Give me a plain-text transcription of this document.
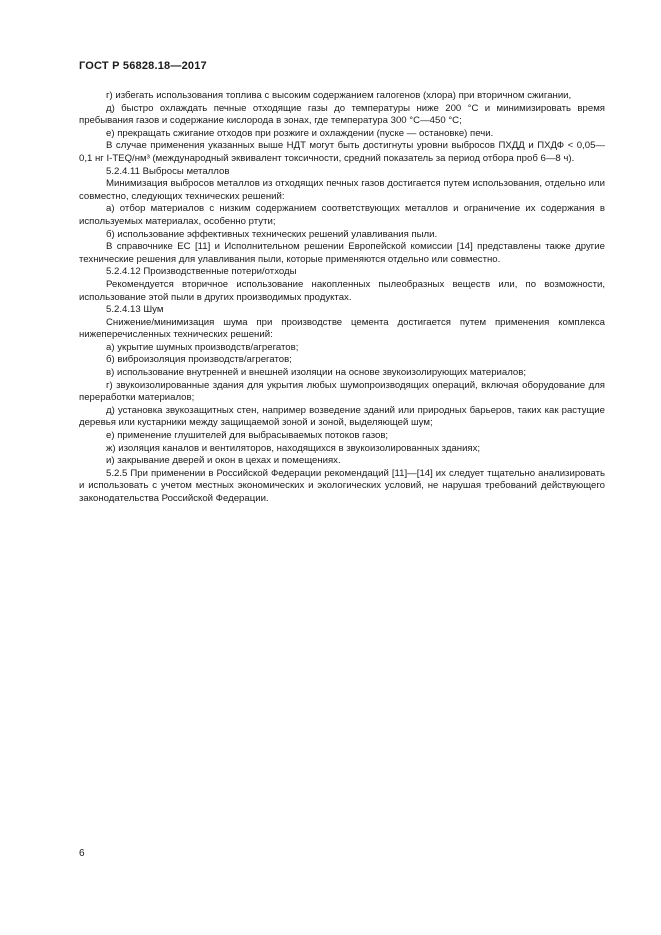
ГОСТ Р 56828.18—2017

г) избегать использования топлива с высоким содержанием галогенов (хлора) при вторичном сжигании,

д) быстро охлаждать печные отходящие газы до температуры ниже 200 °С и минимизировать время пребывания газов и содержание кислорода в зонах, где температура 300 °С—450 °С;

е) прекращать сжигание отходов при розжиге и охлаждении (пуске — остановке) печи.

В случае применения указанных выше НДТ могут быть достигнуты уровни выбросов ПХДД и ПХДФ < 0,05—0,1 нг I-TEQ/нм³ (международный эквивалент токсичности, средний показатель за период отбора проб 6—8 ч).

5.2.4.11 Выбросы металлов

Минимизация выбросов металлов из отходящих печных газов достигается путем использования, отдельно или совместно, следующих технических решений:

а) отбор материалов с низким содержанием соответствующих металлов и ограничение их содержания в используемых материалах, особенно ртути;

б) использование эффективных технических решений улавливания пыли.

В справочнике ЕС [11] и Исполнительном решении Европейской комиссии [14] представлены также другие технические решения для улавливания пыли, которые применяются отдельно или совместно.

5.2.4.12 Производственные потери/отходы

Рекомендуется вторичное использование накопленных пылеобразных веществ или, по возможности, использование этой пыли в других производимых продуктах.

5.2.4.13 Шум

Снижение/минимизация шума при производстве цемента достигается путем применения комплекса нижеперечисленных технических решений:

а) укрытие шумных производств/агрегатов;

б) виброизоляция производств/агрегатов;

в) использование внутренней и внешней изоляции на основе звукоизолирующих материалов;

г) звукоизолированные здания для укрытия любых шумопроизводящих операций, включая оборудование для переработки материалов;

д) установка звукозащитных стен, например возведение зданий или природных барьеров, таких как растущие деревья или кустарники между защищаемой зоной и зоной, выделяющей шум;

е) применение глушителей для выбрасываемых потоков газов;

ж) изоляция каналов и вентиляторов, находящихся в звукоизолированных зданиях;

и) закрывание дверей и окон в цехах и помещениях.

5.2.5 При применении в Российской Федерации рекомендаций [11]—[14] их следует тщательно анализировать и использовать с учетом местных экономических и экологических условий, не нарушая требований действующего законодательства Российской Федерации.

6
